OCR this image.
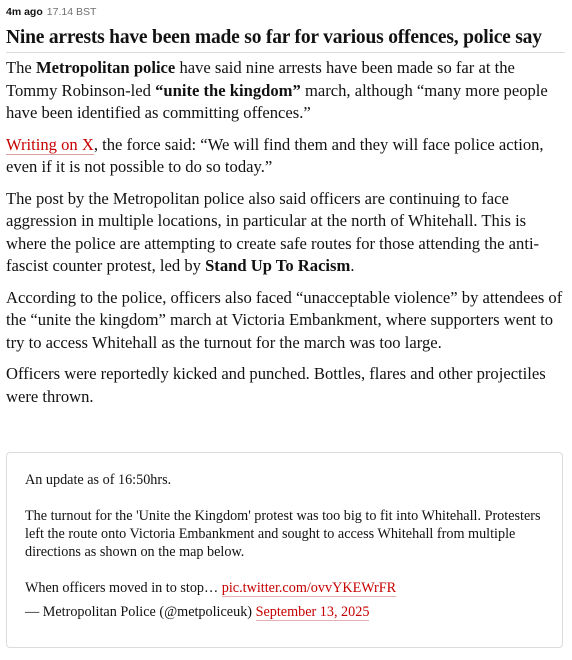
4m ago 17.14 BST
Nine arrests have been made so far for various offences, police say

The Metropolitan police have said nine arrests have been made so far at the Tommy Robinson-led “unite the kingdom” march, although “many more people have been identified as committing offences.”

Writing on X, the force said: “We will find them and they will face police action, even if it is not possible to do so today.”

The post by the Metropolitan police also said officers are continuing to face aggression in multiple locations, in particular at the north of Whitehall. This is where the police are attempting to create safe routes for those attending the anti-fascist counter protest, led by Stand Up To Racism.

According to the police, officers also faced “unacceptable violence” by attendees of the “unite the kingdom” march at Victoria Embankment, where supporters went to try to access Whitehall as the turnout for the march was too large.

Officers were reportedly kicked and punched. Bottles, flares and other projectiles were thrown.

An update as of 16:50hrs.

The turnout for the 'Unite the Kingdom' protest was too big to fit into Whitehall. Protesters left the route onto Victoria Embankment and sought to access Whitehall from multiple directions as shown on the map below.

When officers moved in to stop… pic.twitter.com/ovvYKEWrFR

— Metropolitan Police (@metpoliceuk) September 13, 2025
